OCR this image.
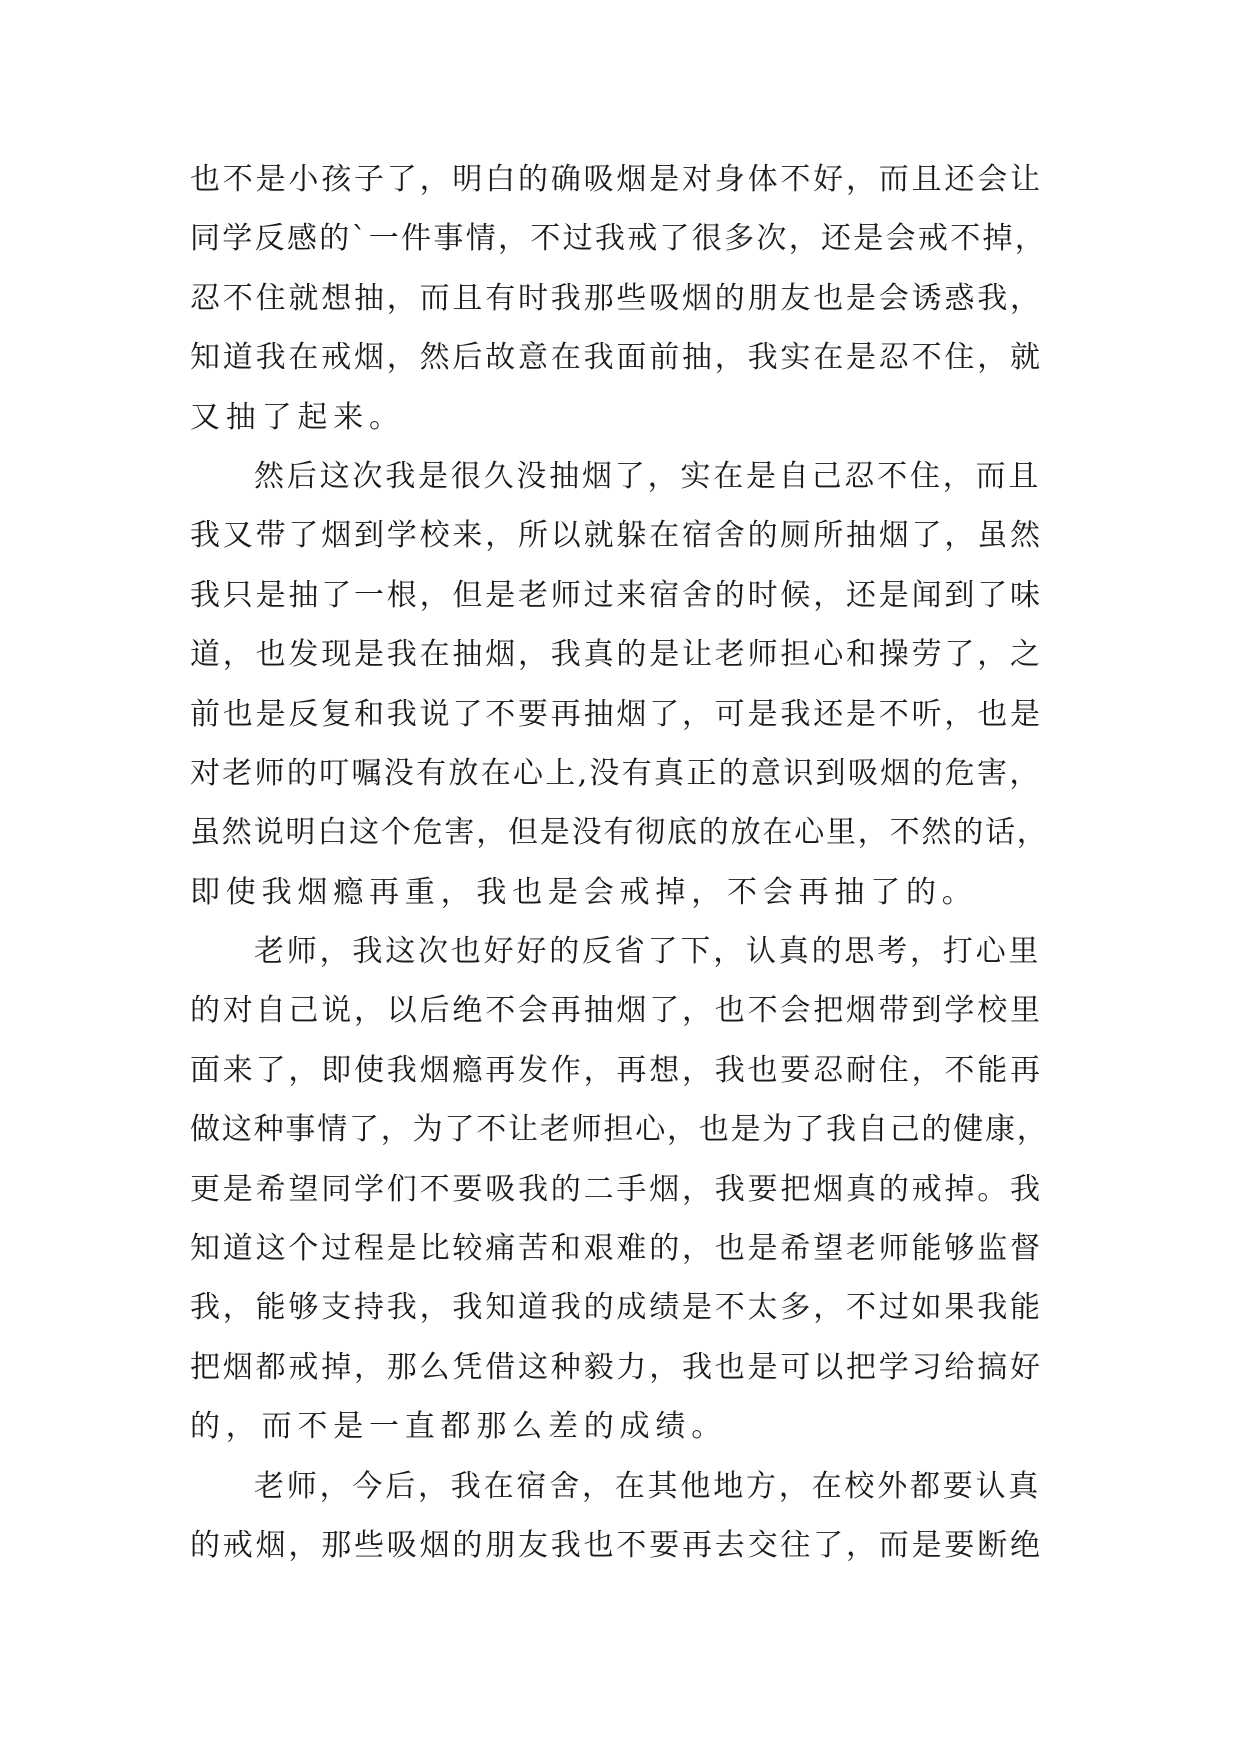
也不是小孩子了，明白的确吸烟是对身体不好，而且还会让
同学反感的`一件事情，不过我戒了很多次，还是会戒不掉，
忍不住就想抽，而且有时我那些吸烟的朋友也是会诱惑我，
知道我在戒烟，然后故意在我面前抽，我实在是忍不住，就
又抽了起来。
然后这次我是很久没抽烟了，实在是自己忍不住，而且
我又带了烟到学校来，所以就躲在宿舍的厕所抽烟了，虽然
我只是抽了一根，但是老师过来宿舍的时候，还是闻到了味
道，也发现是我在抽烟，我真的是让老师担心和操劳了，之
前也是反复和我说了不要再抽烟了，可是我还是不听，也是
对老师的叮嘱没有放在心上,没有真正的意识到吸烟的危害，
虽然说明白这个危害，但是没有彻底的放在心里，不然的话，
即使我烟瘾再重，我也是会戒掉，不会再抽了的。
老师，我这次也好好的反省了下，认真的思考，打心里
的对自己说，以后绝不会再抽烟了，也不会把烟带到学校里
面来了，即使我烟瘾再发作，再想，我也要忍耐住，不能再
做这种事情了，为了不让老师担心，也是为了我自己的健康，
更是希望同学们不要吸我的二手烟，我要把烟真的戒掉。我
知道这个过程是比较痛苦和艰难的，也是希望老师能够监督
我，能够支持我，我知道我的成绩是不太多，不过如果我能
把烟都戒掉，那么凭借这种毅力，我也是可以把学习给搞好
的，而不是一直都那么差的成绩。
老师，今后，我在宿舍，在其他地方，在校外都要认真
的戒烟，那些吸烟的朋友我也不要再去交往了，而是要断绝
